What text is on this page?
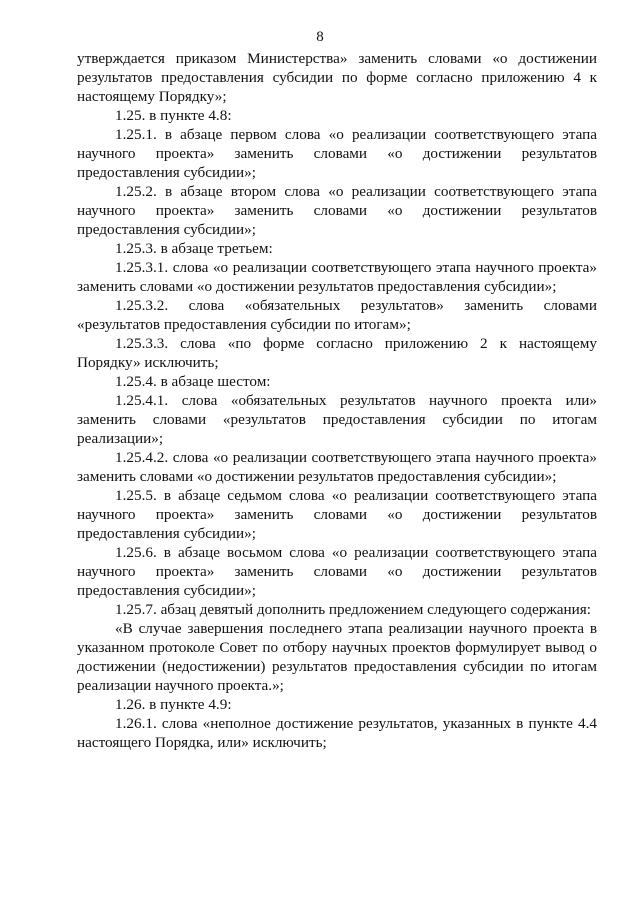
8

утверждается приказом Министерства» заменить словами «о достижении результатов предоставления субсидии по форме согласно приложению 4 к настоящему Порядку»;

1.25. в пункте 4.8:

1.25.1. в абзаце первом слова «о реализации соответствующего этапа научного проекта» заменить словами «о достижении результатов предоставления субсидии»;

1.25.2. в абзаце втором слова «о реализации соответствующего этапа научного проекта» заменить словами «о достижении результатов предоставления субсидии»;

1.25.3. в абзаце третьем:

1.25.3.1. слова «о реализации соответствующего этапа научного проекта» заменить словами «о достижении результатов предоставления субсидии»;

1.25.3.2. слова «обязательных результатов» заменить словами «результатов предоставления субсидии по итогам»;

1.25.3.3. слова «по форме согласно приложению 2 к настоящему Порядку» исключить;

1.25.4. в абзаце шестом:

1.25.4.1. слова «обязательных результатов научного проекта или» заменить словами «результатов предоставления субсидии по итогам реализации»;

1.25.4.2. слова «о реализации соответствующего этапа научного проекта» заменить словами «о достижении результатов предоставления субсидии»;

1.25.5. в абзаце седьмом слова «о реализации соответствующего этапа научного проекта» заменить словами «о достижении результатов предоставления субсидии»;

1.25.6. в абзаце восьмом слова «о реализации соответствующего этапа научного проекта» заменить словами «о достижении результатов предоставления субсидии»;

1.25.7. абзац девятый дополнить предложением следующего содержания:

«В случае завершения последнего этапа реализации научного проекта в указанном протоколе Совет по отбору научных проектов формулирует вывод о достижении (недостижении) результатов предоставления субсидии по итогам реализации научного проекта.»;

1.26. в пункте 4.9:

1.26.1. слова «неполное достижение результатов, указанных в пункте 4.4 настоящего Порядка, или» исключить;
